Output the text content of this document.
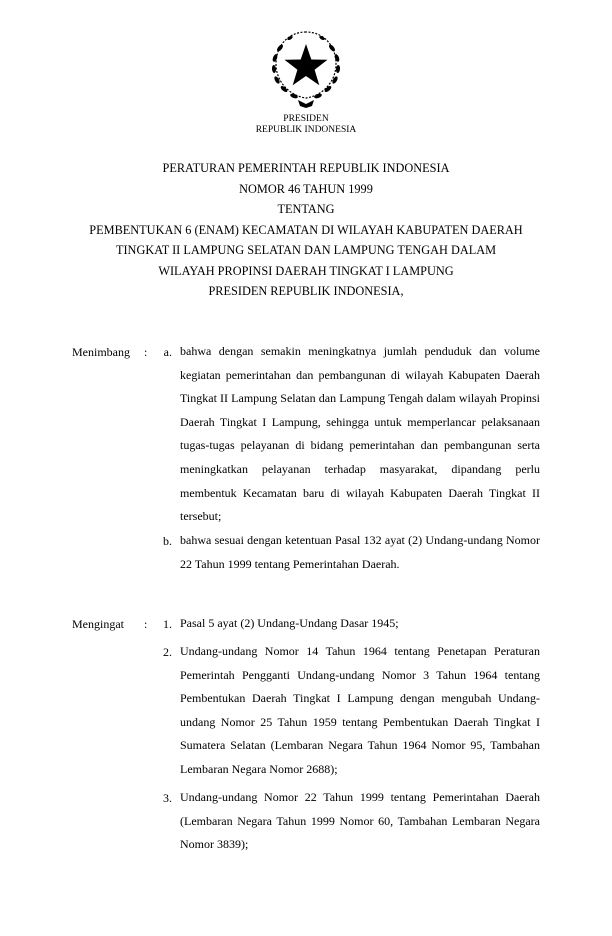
PRESIDEN
REPUBLIK INDONESIA
PERATURAN PEMERINTAH REPUBLIK INDONESIA
NOMOR 46 TAHUN 1999
TENTANG
PEMBENTUKAN 6 (ENAM) KECAMATAN DI WILAYAH KABUPATEN DAERAH
TINGKAT II LAMPUNG SELATAN DAN LAMPUNG TENGAH DALAM
WILAYAH PROPINSI DAERAH TINGKAT I LAMPUNG
PRESIDEN REPUBLIK INDONESIA,
Menimbang :	a. bahwa dengan semakin meningkatnya jumlah penduduk dan volume kegiatan pemerintahan dan pembangunan di wilayah Kabupaten Daerah Tingkat II Lampung Selatan dan Lampung Tengah dalam wilayah Propinsi Daerah Tingkat I Lampung, sehingga untuk memperlancar pelaksanaan tugas-tugas pelayanan di bidang pemerintahan dan pembangunan serta meningkatkan pelayanan terhadap masyarakat, dipandang perlu membentuk Kecamatan baru di wilayah Kabupaten Daerah Tingkat II tersebut;
b. bahwa sesuai dengan ketentuan Pasal 132 ayat (2) Undang-undang Nomor 22 Tahun 1999 tentang Pemerintahan Daerah.
Mengingat :	1. Pasal 5 ayat (2) Undang-Undang Dasar 1945;
2. Undang-undang Nomor 14 Tahun 1964 tentang Penetapan Peraturan Pemerintah Pengganti Undang-undang Nomor 3 Tahun 1964 tentang Pembentukan Daerah Tingkat I Lampung dengan mengubah Undang-undang Nomor 25 Tahun 1959 tentang Pembentukan Daerah Tingkat I Sumatera Selatan (Lembaran Negara Tahun 1964 Nomor 95, Tambahan Lembaran Negara Nomor 2688);
3. Undang-undang Nomor 22 Tahun 1999 tentang Pemerintahan Daerah (Lembaran Negara Tahun 1999 Nomor 60, Tambahan Lembaran Negara Nomor 3839);
